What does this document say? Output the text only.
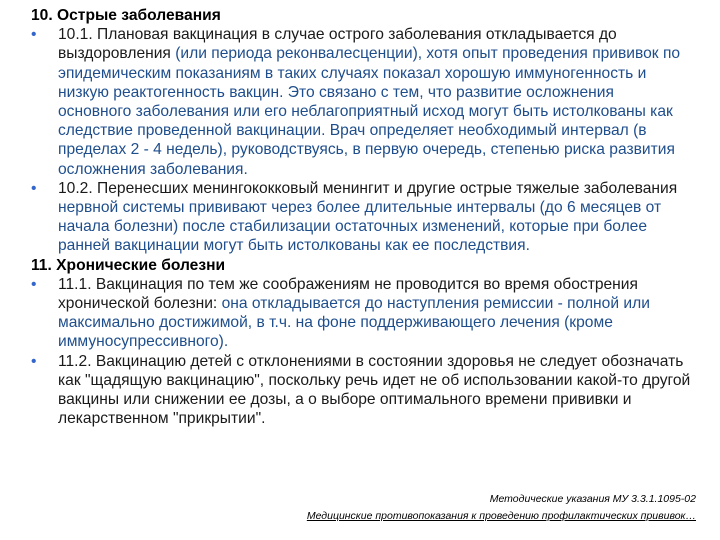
10. Острые заболевания
• 10.1. Плановая вакцинация в случае острого заболевания откладывается до выздоровления (или периода реконвалесценции), хотя опыт проведения прививок по эпидемическим показаниям в таких случаях показал хорошую иммуногенность и низкую реактогенность вакцин. Это связано с тем, что развитие осложнения основного заболевания или его неблагоприятный исход могут быть истолкованы как следствие проведенной вакцинации. Врач определяет необходимый интервал (в пределах 2 - 4 недель), руководствуясь, в первую очередь, степенью риска развития осложнения заболевания.
• 10.2. Перенесших менингококковый менингит и другие острые тяжелые заболевания нервной системы прививают через более длительные интервалы (до 6 месяцев от начала болезни) после стабилизации остаточных изменений, которые при более ранней вакцинации могут быть истолкованы как ее последствия.
11. Хронические болезни
• 11.1. Вакцинация по тем же соображениям не проводится во время обострения хронической болезни: она откладывается до наступления ремиссии - полной или максимально достижимой, в т.ч. на фоне поддерживающего лечения (кроме иммуносупрессивного).
• 11.2. Вакцинацию детей с отклонениями в состоянии здоровья не следует обозначать как "щадящую вакцинацию", поскольку речь идет не об использовании какой-то другой вакцины или снижении ее дозы, а о выборе оптимального времени прививки и лекарственном "прикрытии".
Методические указания МУ 3.3.1.1095-02
Медицинские противопоказания к проведению профилактических прививок…
